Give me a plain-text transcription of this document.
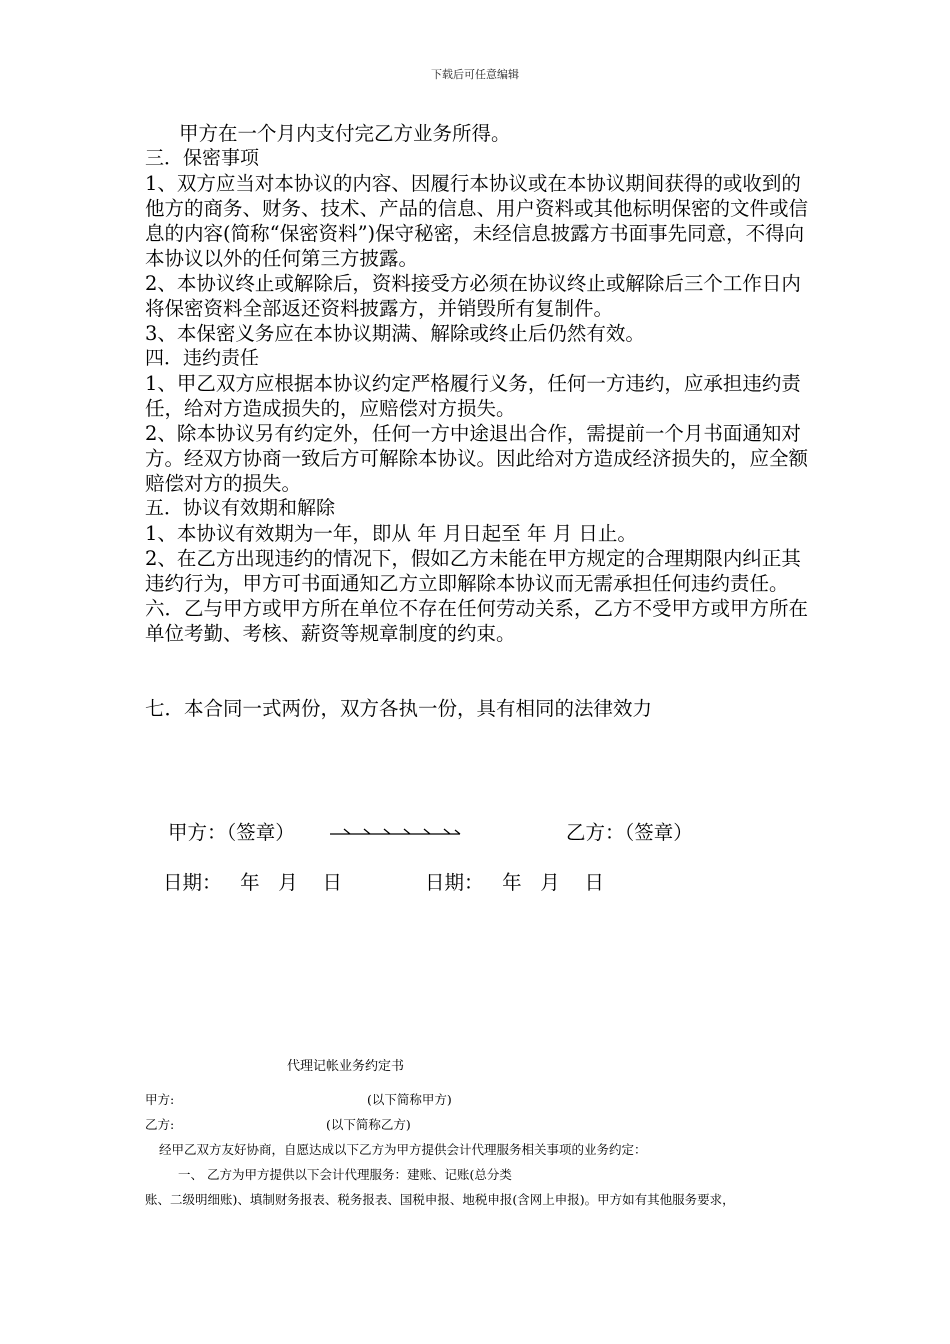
下载后可任意编辑

甲方在一个月内支付完乙方业务所得。

三．保密事项

1、双方应当对本协议的内容、因履行本协议或在本协议期间获得的或收到的他方的商务、财务、技术、产品的信息、用户资料或其他标明保密的文件或信息的内容(简称“保密资料”)保守秘密，未经信息披露方书面事先同意，不得向本协议以外的任何第三方披露。

2、本协议终止或解除后，资料接受方必须在协议终止或解除后三个工作日内将保密资料全部返还资料披露方，并销毁所有复制件。

3、本保密义务应在本协议期满、解除或终止后仍然有效。

四．违约责任

1、甲乙双方应根据本协议约定严格履行义务，任何一方违约，应承担违约责任，给对方造成损失的，应赔偿对方损失。

2、除本协议另有约定外，任何一方中途退出合作，需提前一个月书面通知对方。经双方协商一致后方可解除本协议。因此给对方造成经济损失的，应全额赔偿对方的损失。

五．协议有效期和解除

1、本协议有效期为一年，即从 年 月日起至 年 月 日止。

2、在乙方出现违约的情况下，假如乙方未能在甲方规定的合理期限内纠正其违约行为，甲方可书面通知乙方立即解除本协议而无需承担任何违约责任。

六．乙与甲方或甲方所在单位不存在任何劳动关系，乙方不受甲方或甲方所在单位考勤、考核、薪资等规章制度的约束。

七．本合同一式两份，双方各执一份，具有相同的法律效力
甲方：（签章）	乙方：（签章）
日期：   年   月    日	日期：   年   月    日
代理记帐业务约定书
甲方:	(以下简称甲方)
乙方:	(以下简称乙方)
经甲乙双方友好协商，自愿达成以下乙方为甲方提供会计代理服务相关事项的业务约定：
一、 乙方为甲方提供以下会计代理服务：建账、记账(总分类
账、二级明细账)、填制财务报表、税务报表、国税申报、地税申报(含网上申报)。甲方如有其他服务要求，
